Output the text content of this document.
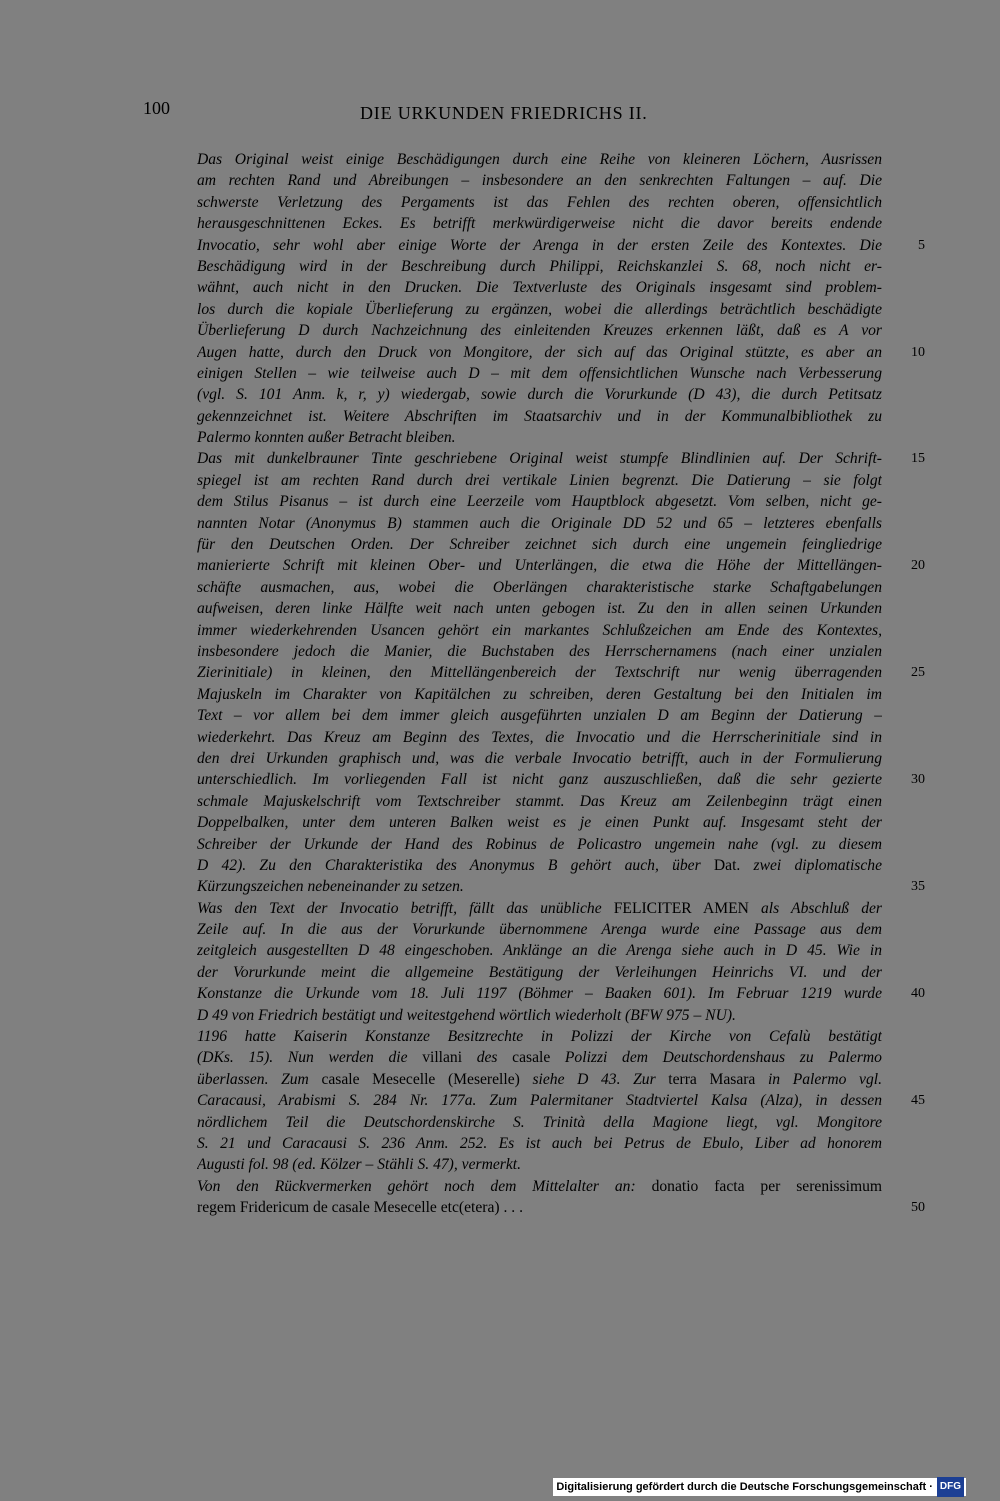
100	DIE URKUNDEN FRIEDRICHS II.
Das Original weist einige Beschädigungen durch eine Reihe von kleineren Löchern, Ausrissen
am rechten Rand und Abreibungen – insbesondere an den senkrechten Faltungen – auf. Die
schwerste Verletzung des Pergaments ist das Fehlen des rechten oberen, offensichtlich
herausgeschnittenen Eckes. Es betrifft merkwürdigerweise nicht die davor bereits endende
Invocatio, sehr wohl aber einige Worte der Arenga in der ersten Zeile des Kontextes. Die
Beschädigung wird in der Beschreibung durch Philippi, Reichskanzlei S. 68, noch nicht er-
wähnt, auch nicht in den Drucken. Die Textverluste des Originals insgesamt sind problem-
los durch die kopiale Überlieferung zu ergänzen, wobei die allerdings beträchtlich beschädigte
Überlieferung D durch Nachzeichnung des einleitenden Kreuzes erkennen läßt, daß es A vor
Augen hatte, durch den Druck von Mongitore, der sich auf das Original stützte, es aber an
einigen Stellen – wie teilweise auch D – mit dem offensichtlichen Wunsche nach Verbesserung
(vgl. S. 101 Anm. k, r, y) wiedergab, sowie durch die Vorurkunde (D 43), die durch Petitsatz
gekennzeichnet ist. Weitere Abschriften im Staatsarchiv und in der Kommunalbibliothek zu
Palermo konnten außer Betracht bleiben.
Das mit dunkelbrauner Tinte geschriebene Original weist stumpfe Blindlinien auf. Der Schrift-
spiegel ist am rechten Rand durch drei vertikale Linien begrenzt. Die Datierung – sie folgt
dem Stilus Pisanus – ist durch eine Leerzeile vom Hauptblock abgesetzt. Vom selben, nicht ge-
nannten Notar (Anonymus B) stammen auch die Originale DD 52 und 65 – letzteres ebenfalls
für den Deutschen Orden. Der Schreiber zeichnet sich durch eine ungemein feingliedrige
manierierte Schrift mit kleinen Ober- und Unterlängen, die etwa die Höhe der Mittellängen-
schäfte ausmachen, aus, wobei die Oberlängen charakteristische starke Schaftgabelungen
aufweisen, deren linke Hälfte weit nach unten gebogen ist. Zu den in allen seinen Urkunden
immer wiederkehrenden Usancen gehört ein markantes Schlußzeichen am Ende des Kontextes,
insbesondere jedoch die Manier, die Buchstaben des Herrschernamens (nach einer unzialen
Zierinitiale) in kleinen, den Mittellängenbereich der Textschrift nur wenig überragenden
Majuskeln im Charakter von Kapitälchen zu schreiben, deren Gestaltung bei den Initialen im
Text – vor allem bei dem immer gleich ausgeführten unzialen D am Beginn der Datierung –
wiederkehrt. Das Kreuz am Beginn des Textes, die Invocatio und die Herrscherinitiale sind in
den drei Urkunden graphisch und, was die verbale Invocatio betrifft, auch in der Formulierung
unterschiedlich. Im vorliegenden Fall ist nicht ganz auszuschließen, daß die sehr gezierte
schmale Majuskelschrift vom Textschreiber stammt. Das Kreuz am Zeilenbeginn trägt einen
Doppelbalken, unter dem unteren Balken weist es je einen Punkt auf. Insgesamt steht der
Schreiber der Urkunde der Hand des Robinus de Policastro ungemein nahe (vgl. zu diesem
D 42). Zu den Charakteristika des Anonymus B gehört auch, über Dat. zwei diplomatische
Kürzungszeichen nebeneinander zu setzen.
Was den Text der Invocatio betrifft, fällt das unübliche FELICITER AMEN als Abschluß der
Zeile auf. In die aus der Vorurkunde übernommene Arenga wurde eine Passage aus dem
zeitgleich ausgestellten D 48 eingeschoben. Anklänge an die Arenga siehe auch in D 45. Wie in
der Vorurkunde meint die allgemeine Bestätigung der Verleihungen Heinrichs VI. und der
Konstanze die Urkunde vom 18. Juli 1197 (Böhmer – Baaken 601). Im Februar 1219 wurde
D 49 von Friedrich bestätigt und weitestgehend wörtlich wiederholt (BFW 975 – NU).
1196 hatte Kaiserin Konstanze Besitzrechte in Polizzi der Kirche von Cefalù bestätigt
(DKs. 15). Nun werden die villani des casale Polizzi dem Deutschordenshaus zu Palermo
überlassen. Zum casale Mesecelle (Meserelle) siehe D 43. Zur terra Masara in Palermo vgl.
Caracausi, Arabismi S. 284 Nr. 177a. Zum Palermitaner Stadtviertel Kalsa (Alza), in dessen
nördlichem Teil die Deutschordenskirche S. Trinità della Magione liegt, vgl. Mongitore
S. 21 und Caracausi S. 236 Anm. 252. Es ist auch bei Petrus de Ebulo, Liber ad honorem
Augusti fol. 98 (ed. Kölzer – Stähli S. 47), vermerkt.
Von den Rückvermerken gehört noch dem Mittelalter an: donatio facta per serenissimum
regem Fridericum de casale Mesecelle etc(etera) . . .
5
10
15
20
25
30
35
40
45
50
Digitalisierung gefördert durch die Deutsche Forschungsgemeinschaft · DFG
